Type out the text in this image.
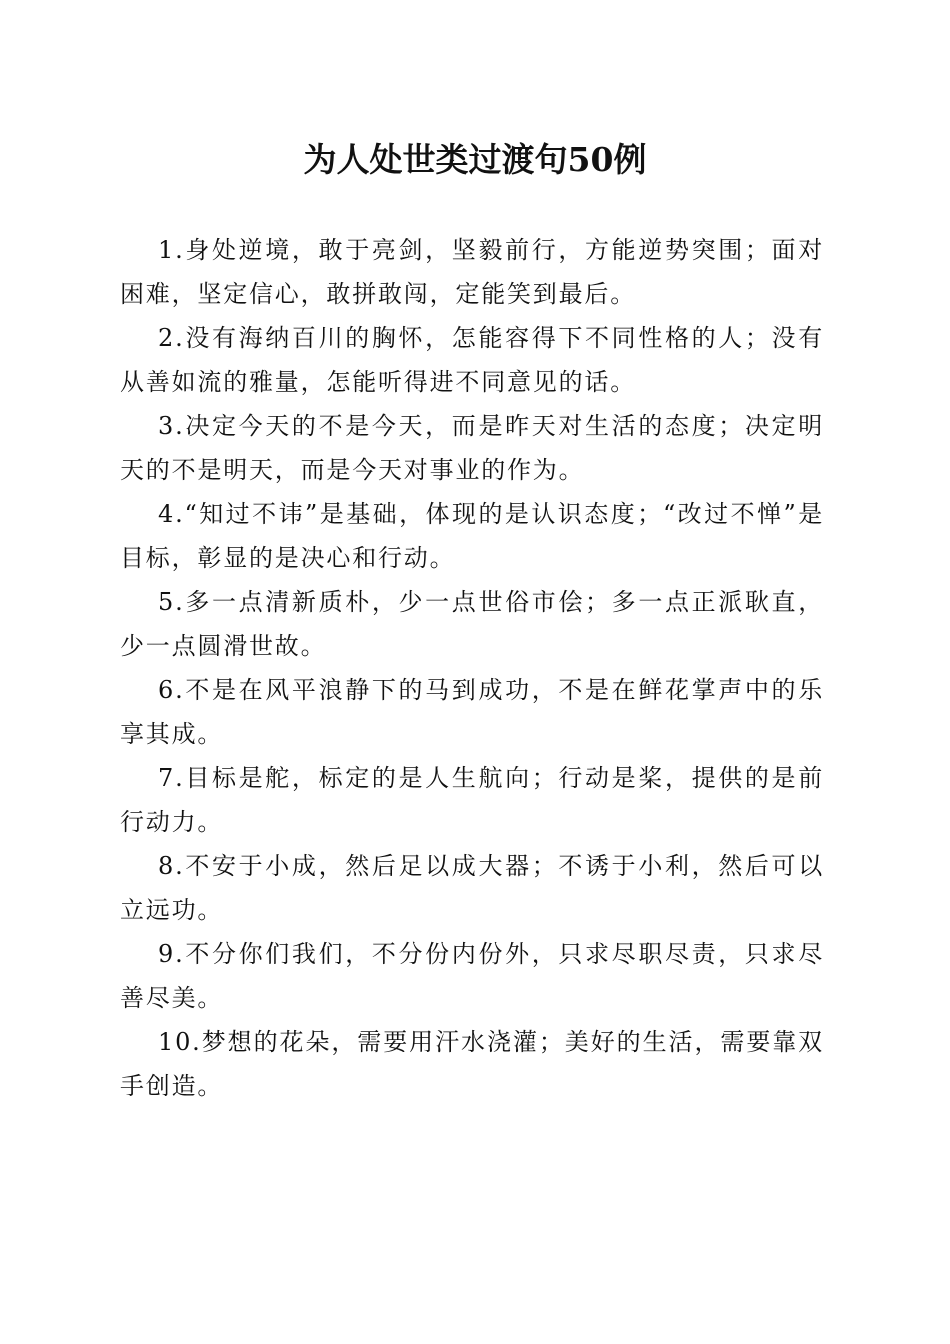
为人处世类过渡句50例

1.身处逆境，敢于亮剑，坚毅前行，方能逆势突围；面对困难，坚定信心，敢拼敢闯，定能笑到最后。

2.没有海纳百川的胸怀，怎能容得下不同性格的人；没有从善如流的雅量，怎能听得进不同意见的话。

3.决定今天的不是今天，而是昨天对生活的态度；决定明天的不是明天，而是今天对事业的作为。

4.“知过不讳”是基础，体现的是认识态度；“改过不惮”是目标，彰显的是决心和行动。

5.多一点清新质朴，少一点世俗市侩；多一点正派耿直，少一点圆滑世故。

6.不是在风平浪静下的马到成功，不是在鲜花掌声中的乐享其成。

7.目标是舵，标定的是人生航向；行动是桨，提供的是前行动力。

8.不安于小成，然后足以成大器；不诱于小利，然后可以立远功。

9.不分你们我们，不分份内份外，只求尽职尽责，只求尽善尽美。

10.梦想的花朵，需要用汗水浇灌；美好的生活，需要靠双手创造。
